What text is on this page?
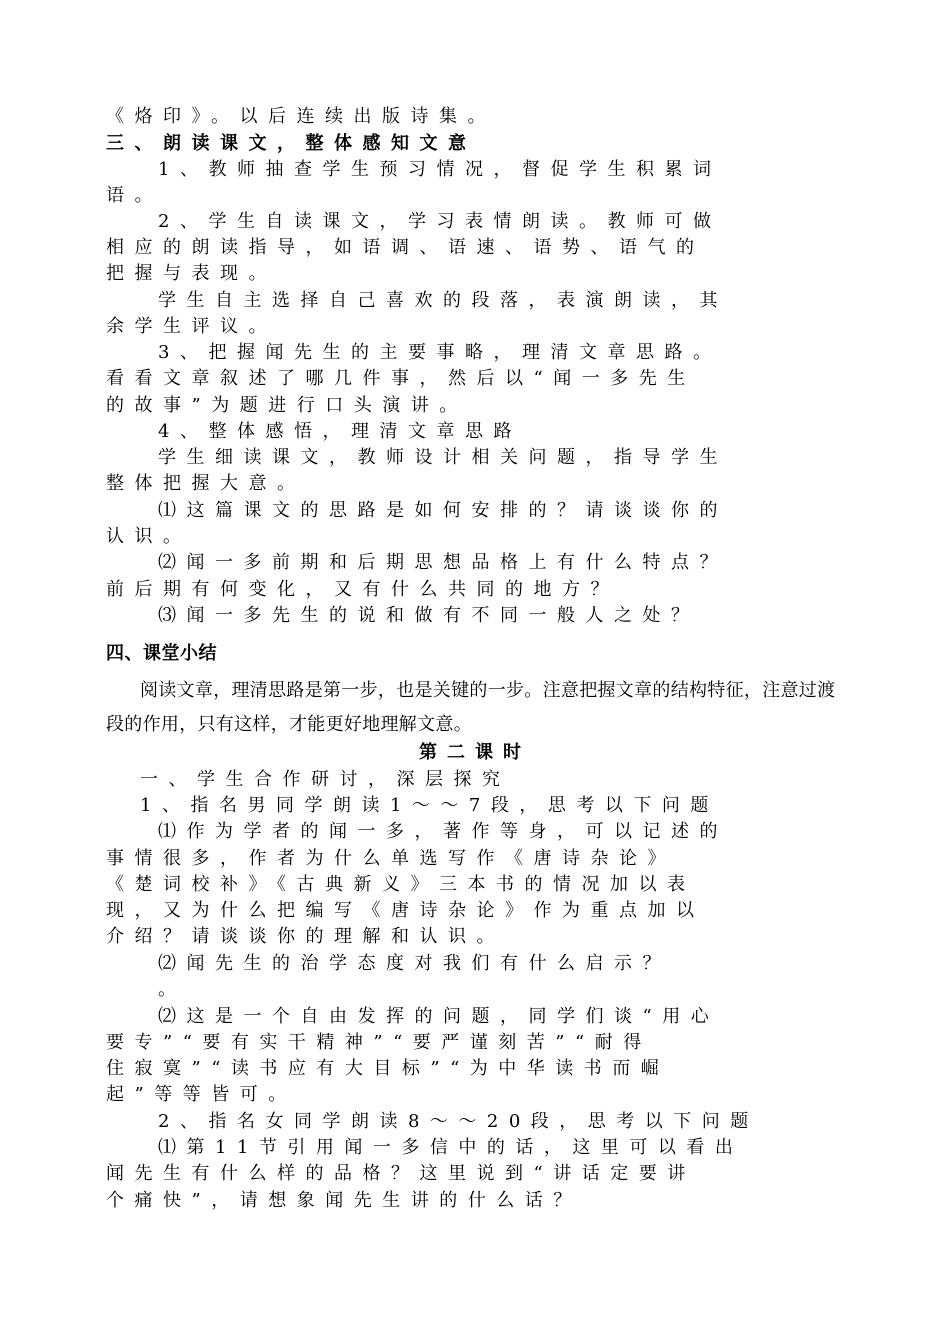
《烙印》。以后连续出版诗集。
三、朗读课文，整体感知文意
1、教师抽查学生预习情况，督促学生积累词
语。
2、学生自读课文，学习表情朗读。教师可做
相应的朗读指导，如语调、语速、语势、语气的
把握与表现。
学生自主选择自己喜欢的段落，表演朗读，其
余学生评议。
3、把握闻先生的主要事略，理清文章思路。
看看文章叙述了哪几件事，然后以“闻一多先生
的故事”为题进行口头演讲。
4、整体感悟，理清文章思路
学生细读课文，教师设计相关问题，指导学生
整体把握大意。
⑴这篇课文的思路是如何安排的？请谈谈你的
认识。
⑵闻一多前期和后期思想品格上有什么特点？
前后期有何变化，又有什么共同的地方？
⑶闻一多先生的说和做有不同一般人之处？
四、课堂小结
阅读文章，理清思路是第一步，也是关键的一步。注意把握文章的结构特征，注意过渡
段的作用，只有这样，才能更好地理解文意。
第二课时
一、学生合作研讨，深层探究
1、指名男同学朗读1～～7段，思考以下问题
⑴作为学者的闻一多，著作等身，可以记述的
事情很多，作者为什么单选写作《唐诗杂论》
《楚词校补》《古典新义》三本书的情况加以表
现，又为什么把编写《唐诗杂论》作为重点加以
介绍？请谈谈你的理解和认识。
⑵闻先生的治学态度对我们有什么启示？
。
⑵这是一个自由发挥的问题，同学们谈“用心
要专”“要有实干精神”“要严谨刻苦”“耐得
住寂寞”“读书应有大目标”“为中华读书而崛
起”等等皆可。
2、指名女同学朗读8～～20段，思考以下问题
⑴第11节引用闻一多信中的话，这里可以看出
闻先生有什么样的品格？这里说到“讲话定要讲
个痛快”，请想象闻先生讲的什么话？
